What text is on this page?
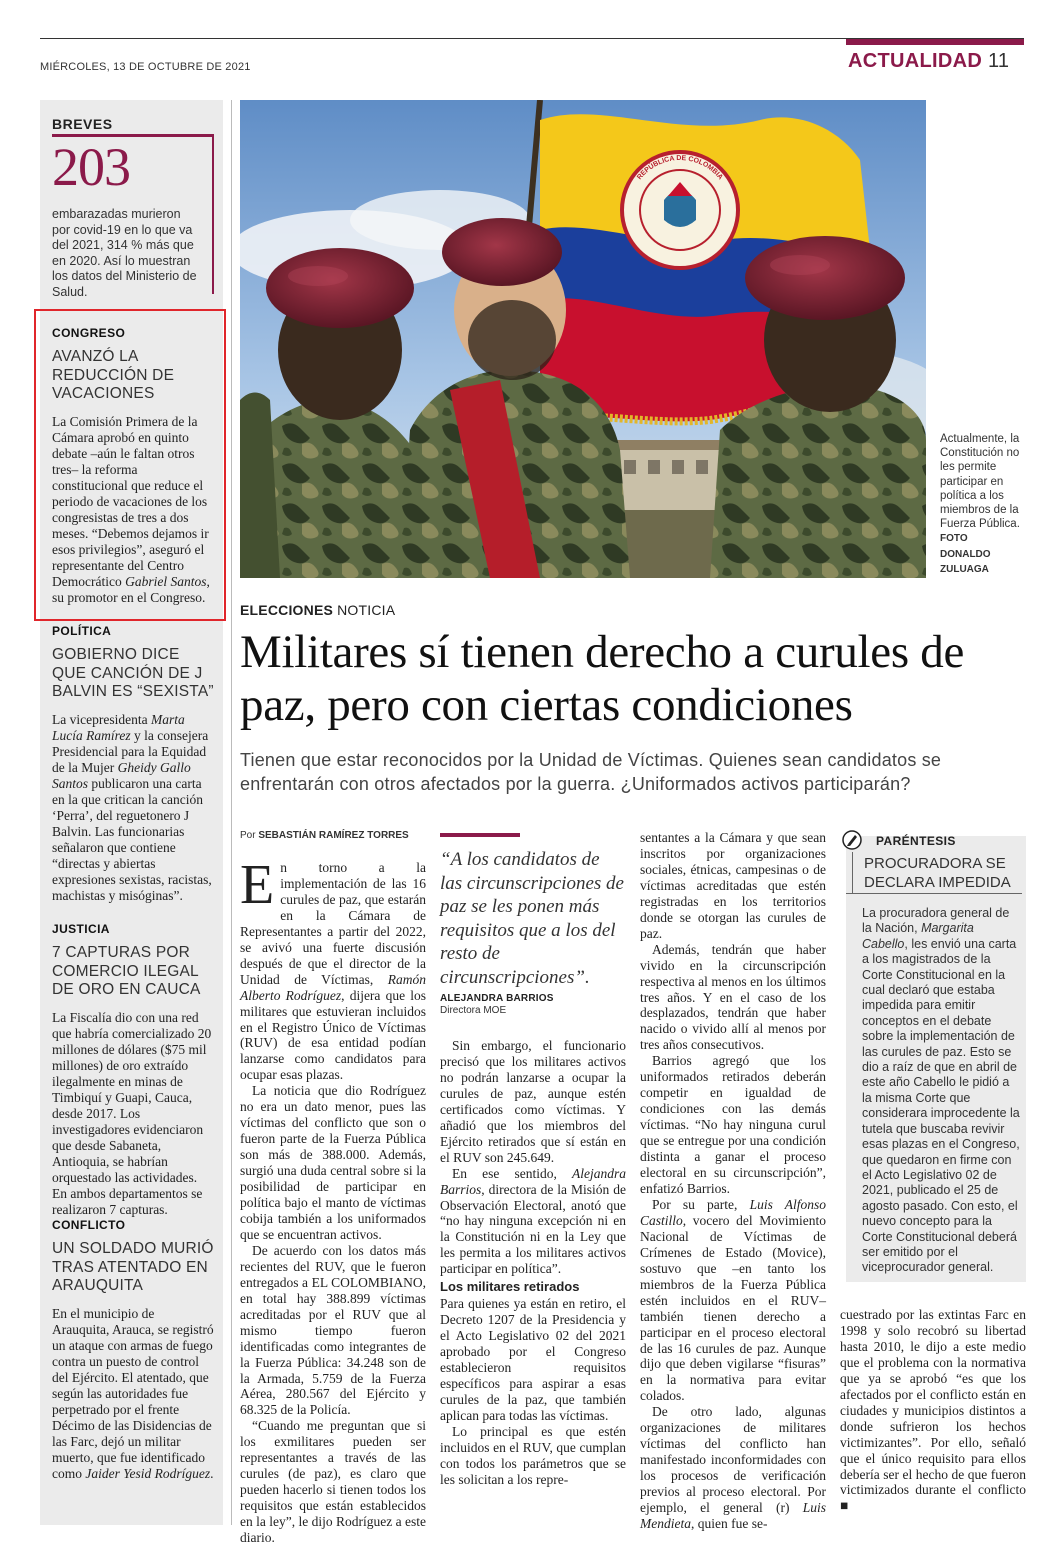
MIÉRCOLES, 13 DE OCTUBRE DE 2021	ACTUALIDAD 11
BREVES
203
embarazadas murieron por covid-19 en lo que va del 2021, 314 % más que en 2020. Así lo muestran los datos del Ministerio de Salud.
CONGRESO
AVANZÓ LA REDUCCIÓN DE VACACIONES

La Comisión Primera de la Cámara aprobó en quinto debate –aún le faltan otros tres– la reforma constitucional que reduce el periodo de vacaciones de los congresistas de tres a dos meses. “Debemos dejamos ir esos privilegios”, aseguró el representante del Centro Democrático Gabriel Santos, su promotor en el Congreso.

POLÍTICA
GOBIERNO DICE QUE CANCIÓN DE J BALVIN ES “SEXISTA”

La vicepresidenta Marta Lucía Ramírez y la consejera Presidencial para la Equidad de la Mujer Gheidy Gallo Santos publicaron una carta en la que critican la canción ‘Perra’, del reguetonero J Balvin. Las funcionarias señalaron que contiene “directas y abiertas expresiones sexistas, racistas, machistas y misóginas”.

JUSTICIA
7 CAPTURAS POR COMERCIO ILEGAL DE ORO EN CAUCA

La Fiscalía dio con una red que habría comercializado 20 millones de dólares ($75 mil millones) de oro extraído ilegalmente en minas de Timbiquí y Guapi, Cauca, desde 2017. Los investigadores evidenciaron que desde Sabaneta, Antioquia, se habrían orquestado las actividades. En ambos departamentos se realizaron 7 capturas.

CONFLICTO
UN SOLDADO MURIÓ TRAS ATENTADO EN ARAUQUITA

En el municipio de Arauquita, Arauca, se registró un ataque con armas de fuego contra un puesto de control del Ejército. El atentado, que según las autoridades fue perpetrado por el frente Décimo de las Disidencias de las Farc, dejó un militar muerto, que fue identificado como Jaider Yesid Rodríguez.

REPÚBLICA DE COLOMBIA
Actualmente, la Constitución no les permite participar en política a los miembros de la Fuerza Pública. FOTO
DONALDO ZULUAGA
ELECCIONES NOTICIA
Militares sí tienen derecho a curules de paz, pero con ciertas condiciones
Tienen que estar reconocidos por la Unidad de Víctimas. Quienes sean candidatos se enfrentarán con otros afectados por la guerra. ¿Uniformados activos participarán?
Por SEBASTIÁN RAMÍREZ TORRES

En torno a la implementación de las 16 curules de paz, que estarán en la Cámara de Representantes a partir del 2022, se avivó una fuerte discusión después de que el director de la Unidad de Víctimas, Ramón Alberto Rodríguez, dijera que los militares que estuvieran incluidos en el Registro Único de Víctimas (RUV) de esa entidad podían lanzarse como candidatos para ocupar esas plazas.

La noticia que dio Rodríguez no era un dato menor, pues las víctimas del conflicto que son o fueron parte de la Fuerza Pública son más de 388.000. Además, surgió una duda central sobre si la posibilidad de participar en política bajo el manto de víctimas cobija también a los uniformados que se encuentran activos.

De acuerdo con los datos más recientes del RUV, que le fueron entregados a EL COLOMBIANO, en total hay 388.899 víctimas acreditadas por el RUV que al mismo tiempo fueron identificadas como integrantes de la Fuerza Pública: 34.248 son de la Armada, 5.759 de la Fuerza Aérea, 280.567 del Ejército y 68.325 de la Policía.

“Cuando me preguntan que si los exmilitares pueden ser representantes a través de las curules (de paz), es claro que pueden hacerlo si tienen todos los requisitos que están establecidos en la ley”, le dijo Rodríguez a este diario.

“A los candidatos de las circunscripciones de paz se les ponen más requisitos que a los del resto de circunscripciones”.
ALEJANDRA BARRIOS
Directora MOE

Sin embargo, el funcionario precisó que los militares activos no podrán lanzarse a ocupar la curules de paz, aunque estén certificados como víctimas. Y añadió que los miembros del Ejército retirados que sí están en el RUV son 245.649.

En ese sentido, Alejandra Barrios, directora de la Misión de Observación Electoral, anotó que “no hay ninguna excepción ni en la Constitución ni en la Ley que les permita a los militares activos participar en política”.

Los militares retirados

Para quienes ya están en retiro, el Decreto 1207 de la Presidencia y el Acto Legislativo 02 del 2021 aprobado por el Congreso establecieron requisitos específicos para aspirar a esas curules de la paz, que también aplican para todas las víctimas.

Lo principal es que estén incluidos en el RUV, que cumplan con todos los parámetros que se les solicitan a los repre-

sentantes a la Cámara y que sean inscritos por organizaciones sociales, étnicas, campesinas o de víctimas acreditadas que estén registradas en los territorios donde se otorgan las curules de paz.

Además, tendrán que haber vivido en la circunscripción respectiva al menos en los últimos tres años. Y en el caso de los desplazados, tendrán que haber nacido o vivido allí al menos por tres años consecutivos.

Barrios agregó que los uniformados retirados deberán competir en igualdad de condiciones con las demás víctimas. “No hay ninguna curul que se entregue por una condición distinta a ganar el proceso electoral en su circunscripción”, enfatizó Barrios.

Por su parte, Luis Alfonso Castillo, vocero del Movimiento Nacional de Víctimas de Crímenes de Estado (Movice), sostuvo que –en tanto los miembros de la Fuerza Pública estén incluidos en el RUV– también tienen derecho a participar en el proceso electoral de las 16 curules de paz. Aunque dijo que deben vigilarse “fisuras” en la normativa para evitar colados.

De otro lado, algunas organizaciones de militares víctimas del conflicto han manifestado inconformidades con los procesos de verificación previos al proceso electoral. Por ejemplo, el general (r) Luis Mendieta, quien fue se-

PARÉNTESIS
PROCURADORA SE DECLARA IMPEDIDA
La procuradora general de la Nación, Margarita Cabello, les envió una carta a los magistrados de la Corte Constitucional en la cual declaró que estaba impedida para emitir conceptos en el debate sobre la implementación de las curules de paz. Esto se dio a raíz de que en abril de este año Cabello le pidió a la misma Corte que considerara improcedente la tutela que buscaba revivir esas plazas en el Congreso, que quedaron en firme con el Acto Legislativo 02 de 2021, publicado el 25 de agosto pasado. Con esto, el nuevo concepto para la Corte Constitucional deberá ser emitido por el viceprocurador general.

cuestrado por las extintas Farc en 1998 y solo recobró su libertad hasta 2010, le dijo a este medio que el problema con la normativa que ya se aprobó “es que los afectados por el conflicto están en ciudades y municipios distintos a donde sufrieron los hechos victimizantes”. Por ello, señaló que el único requisito para ellos debería ser el hecho de que fueron victimizados durante el conflicto ■
